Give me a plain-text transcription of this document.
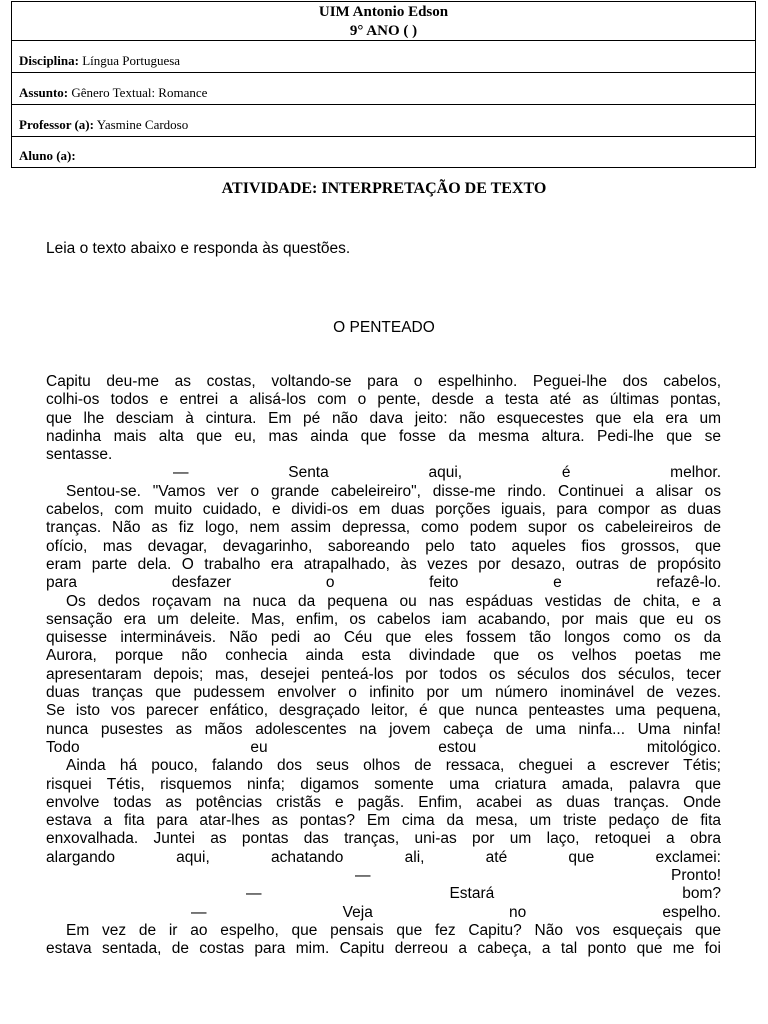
UIM Antonio Edson
9° ANO ( )
Disciplina: Língua Portuguesa
Assunto: Gênero Textual: Romance
Professor (a): Yasmine Cardoso
Aluno (a):
ATIVIDADE: INTERPRETAÇÃO DE TEXTO
Leia o texto abaixo e responda às questões.
O PENTEADO
Capitu deu-me as costas, voltando-se para o espelhinho. Peguei-lhe dos cabelos,
colhi-os todos e entrei a alisá-los com o pente, desde a testa até as últimas pontas,
que lhe desciam à cintura. Em pé não dava jeito: não esquecestes que ela era um
nadinha mais alta que eu, mas ainda que fosse da mesma altura. Pedi-lhe que se
sentasse.
— Senta aqui, é melhor.
Sentou-se. "Vamos ver o grande cabeleireiro", disse-me rindo. Continuei a alisar os
cabelos, com muito cuidado, e dividi-os em duas porções iguais, para compor as duas
tranças. Não as fiz logo, nem assim depressa, como podem supor os cabeleireiros de
ofício, mas devagar, devagarinho, saboreando pelo tato aqueles fios grossos, que
eram parte dela. O trabalho era atrapalhado, às vezes por desazo, outras de propósito
para desfazer o feito e refazê-lo.
Os dedos roçavam na nuca da pequena ou nas espáduas vestidas de chita, e a
sensação era um deleite. Mas, enfim, os cabelos iam acabando, por mais que eu os
quisesse intermináveis. Não pedi ao Céu que eles fossem tão longos como os da
Aurora, porque não conhecia ainda esta divindade que os velhos poetas me
apresentaram depois; mas, desejei penteá-los por todos os séculos dos séculos, tecer
duas tranças que pudessem envolver o infinito por um número inominável de vezes.
Se isto vos parecer enfático, desgraçado leitor, é que nunca penteastes uma pequena,
nunca pusestes as mãos adolescentes na jovem cabeça de uma ninfa... Uma ninfa!
Todo eu estou mitológico.
Ainda há pouco, falando dos seus olhos de ressaca, cheguei a escrever Tétis;
risquei Tétis, risquemos ninfa; digamos somente uma criatura amada, palavra que
envolve todas as potências cristãs e pagãs. Enfim, acabei as duas tranças. Onde
estava a fita para atar-lhes as pontas? Em cima da mesa, um triste pedaço de fita
enxovalhada. Juntei as pontas das tranças, uni-as por um laço, retoquei a obra
alargando aqui, achatando ali, até que exclamei:
— Pronto!
— Estará bom?
— Veja no espelho.
Em vez de ir ao espelho, que pensais que fez Capitu? Não vos esqueçais que
estava sentada, de costas para mim. Capitu derreou a cabeça, a tal ponto que me foi
